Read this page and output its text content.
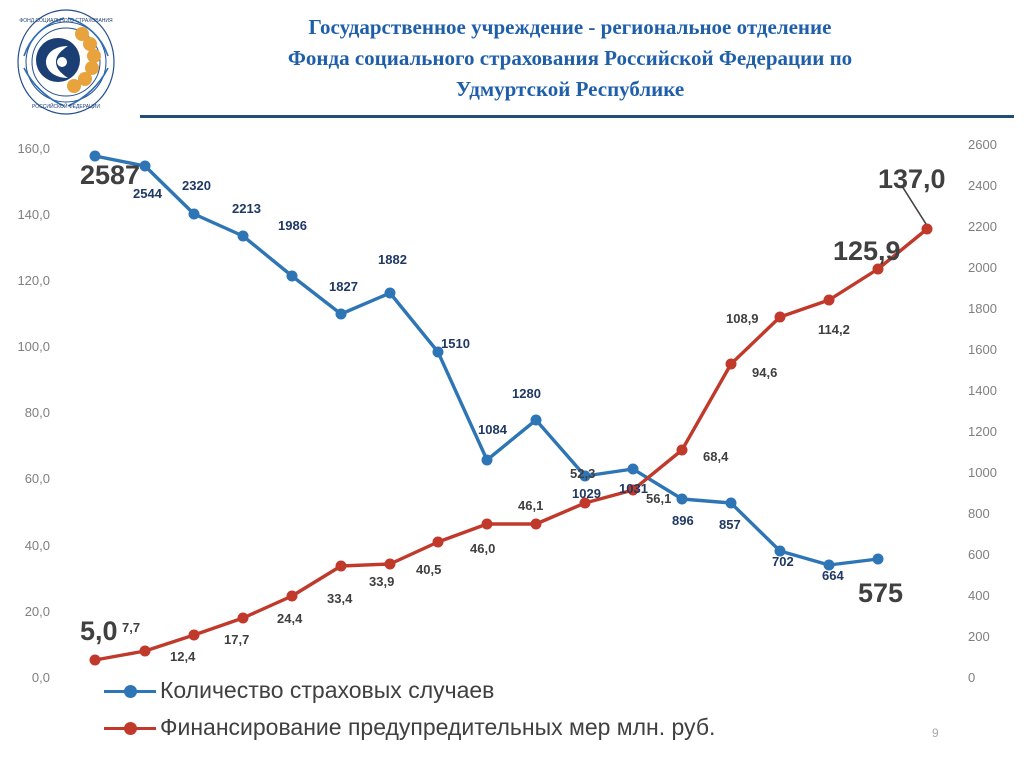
ФОНД СОЦИАЛЬНОГО СТРАХОВАНИЯ
РОССИЙСКОЙ ФЕДЕРАЦИИ
Государственное учреждение - региональное отделение
Фонда социального страхования Российской Федерации по
Удмуртской Республике
0,0
20,0
40,0
60,0
80,0
100,0
120,0
140,0
160,0
0
200
400
600
800
1000
1200
1400
1600
1800
2000
2200
2400
2600
2587
2544
2320
2213
1986
1827
1882
1510
1084
1280
1029 1031
896 857
702
664
575
5,0 7,7
12,4
17,7
24,4
33,4
33,9
40,5
46,0
46,1
52,3
56,1
68,4
94,6
108,9
114,2
125,9
137,0
Количество страховых случаев
Финансирование предупредительных мер млн. руб.	9
